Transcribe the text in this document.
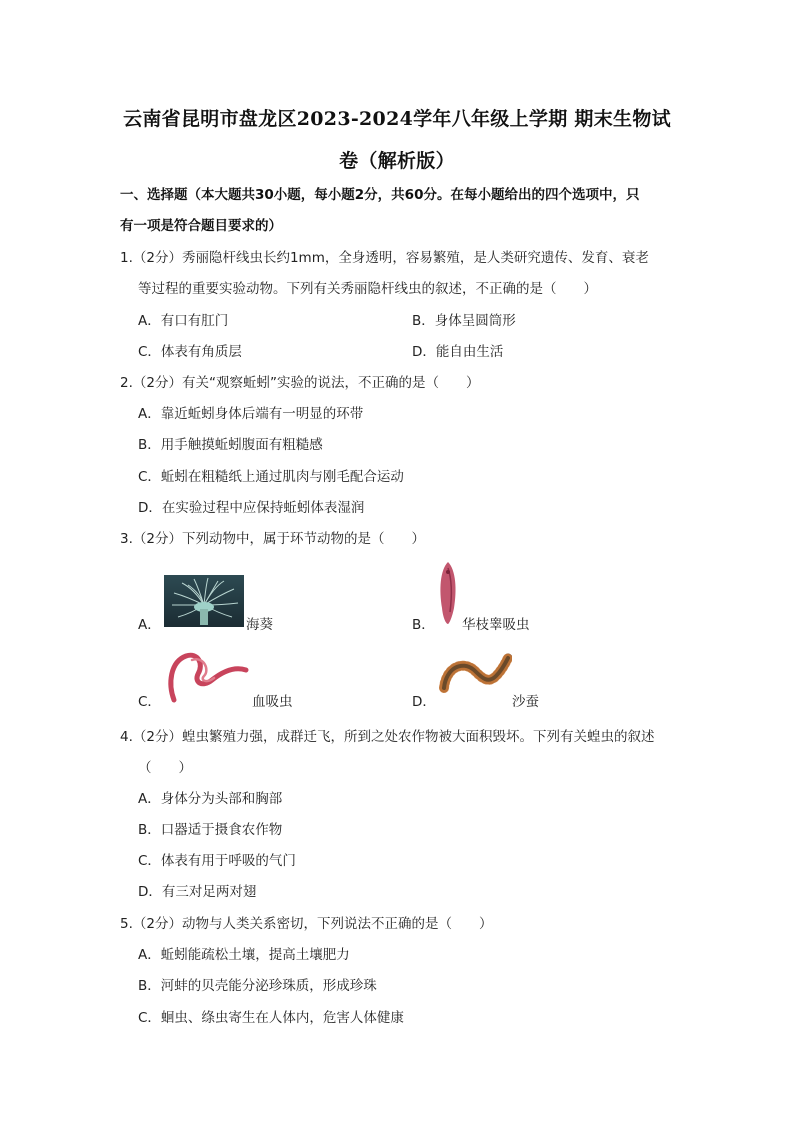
云南省昆明市盘龙区2023-2024学年八年级上学期 期末生物试
卷（解析版）
一、选择题（本大题共30小题，每小题2分，共60分。在每小题给出的四个选项中，只
有一项是符合题目要求的）
1.（2分）秀丽隐杆线虫长约1mm，全身透明，容易繁殖，是人类研究遗传、发育、衰老
等过程的重要实验动物。下列有关秀丽隐杆线虫的叙述，不正确的是（　　）
A．有口有肛门	B．身体呈圆筒形
C．体表有角质层	D．能自由生活
2.（2分）有关“观察蚯蚓”实验的说法，不正确的是（　　）
A．靠近蚯蚓身体后端有一明显的环带
B．用手触摸蚯蚓腹面有粗糙感
C．蚯蚓在粗糙纸上通过肌肉与刚毛配合运动
D．在实验过程中应保持蚯蚓体表湿润
3.（2分）下列动物中，属于环节动物的是（　　）
A．	海葵	B． 华枝睾吸虫
C．	血吸虫	D．	沙蚕
4.（2分）蝗虫繁殖力强，成群迁飞，所到之处农作物被大面积毁坏。下列有关蝗虫的叙述
（　　）
A．身体分为头部和胸部
B．口器适于摄食农作物
C．体表有用于呼吸的气门
D．有三对足两对翅
5.（2分）动物与人类关系密切，下列说法不正确的是（　　）
A．蚯蚓能疏松土壤，提高土壤肥力
B．河蚌的贝壳能分泌珍珠质，形成珍珠
C．蛔虫、绦虫寄生在人体内，危害人体健康
